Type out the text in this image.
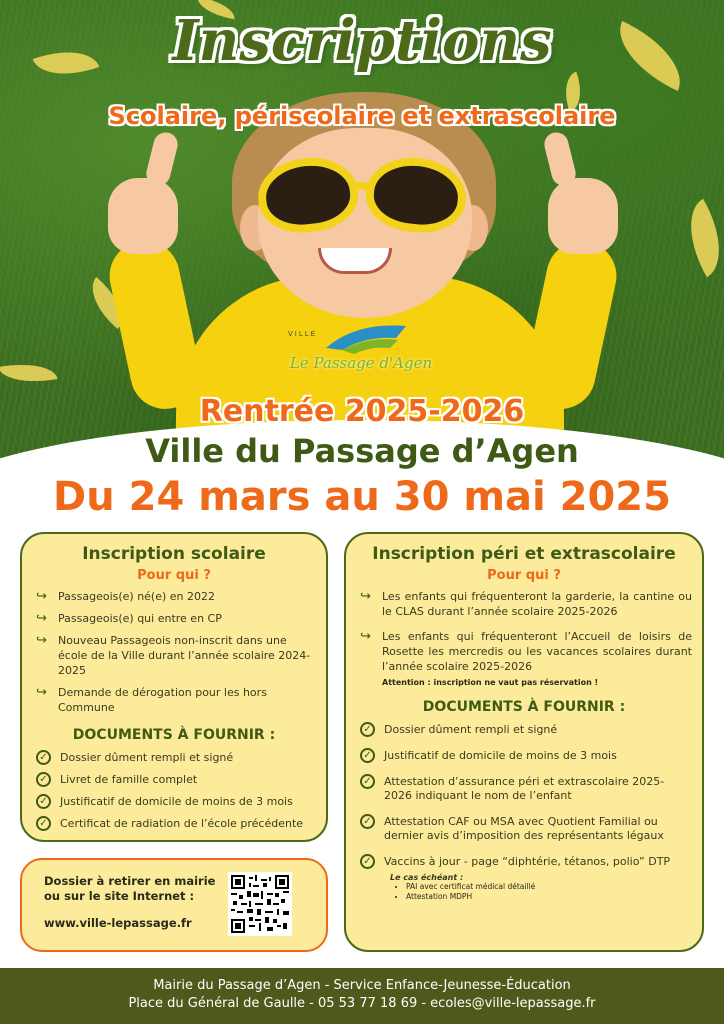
VILLE
Le Passage d'Agen
Inscriptions
Scolaire, périscolaire et extrascolaire
Rentrée 2025-2026
Ville du Passage d’Agen
Du 24 mars au 30 mai 2025
Inscription scolaire
Pour qui ?
↪ Passageois(e) né(e) en 2022
↪ Passageois(e) qui entre en CP
↪ Nouveau Passageois non-inscrit dans une école de la Ville durant l’année scolaire 2024-2025
↪ Demande de dérogation pour les hors Commune
DOCUMENTS À FOURNIR :
✓	Dossier dûment rempli et signé
✓	Livret de famille complet
✓	Justificatif de domicile de moins de 3 mois
✓	Certificat de radiation de l’école précédente
Inscription péri et extrascolaire
Pour qui ?
↪ Les enfants qui fréquenteront la garderie, la cantine ou le CLAS durant l’année scolaire 2025-2026
↪ Les enfants qui fréquenteront l’Accueil de loisirs de Rosette les mercredis ou les vacances scolaires durant l’année scolaire 2025-2026
Attention : inscription ne vaut pas réservation !
DOCUMENTS À FOURNIR :
✓	Dossier dûment rempli et signé
✓	Justificatif de domicile de moins de 3 mois
✓	Attestation d’assurance péri et extrascolaire 2025-2026 indiquant le nom de l’enfant
✓	Attestation CAF ou MSA avec Quotient Familial ou dernier avis d’imposition des représentants légaux
✓	Vaccins à jour - page “diphtérie, tétanos, polio” DTP
Le cas échéant :
• PAI avec certificat médical détaillé
• Attestation MDPH
Dossier à retirer en mairie ou sur le site Internet :
www.ville-lepassage.fr
Mairie du Passage d’Agen - Service Enfance-Jeunesse-Éducation
Place du Général de Gaulle - 05 53 77 18 69 - ecoles@ville-lepassage.fr
